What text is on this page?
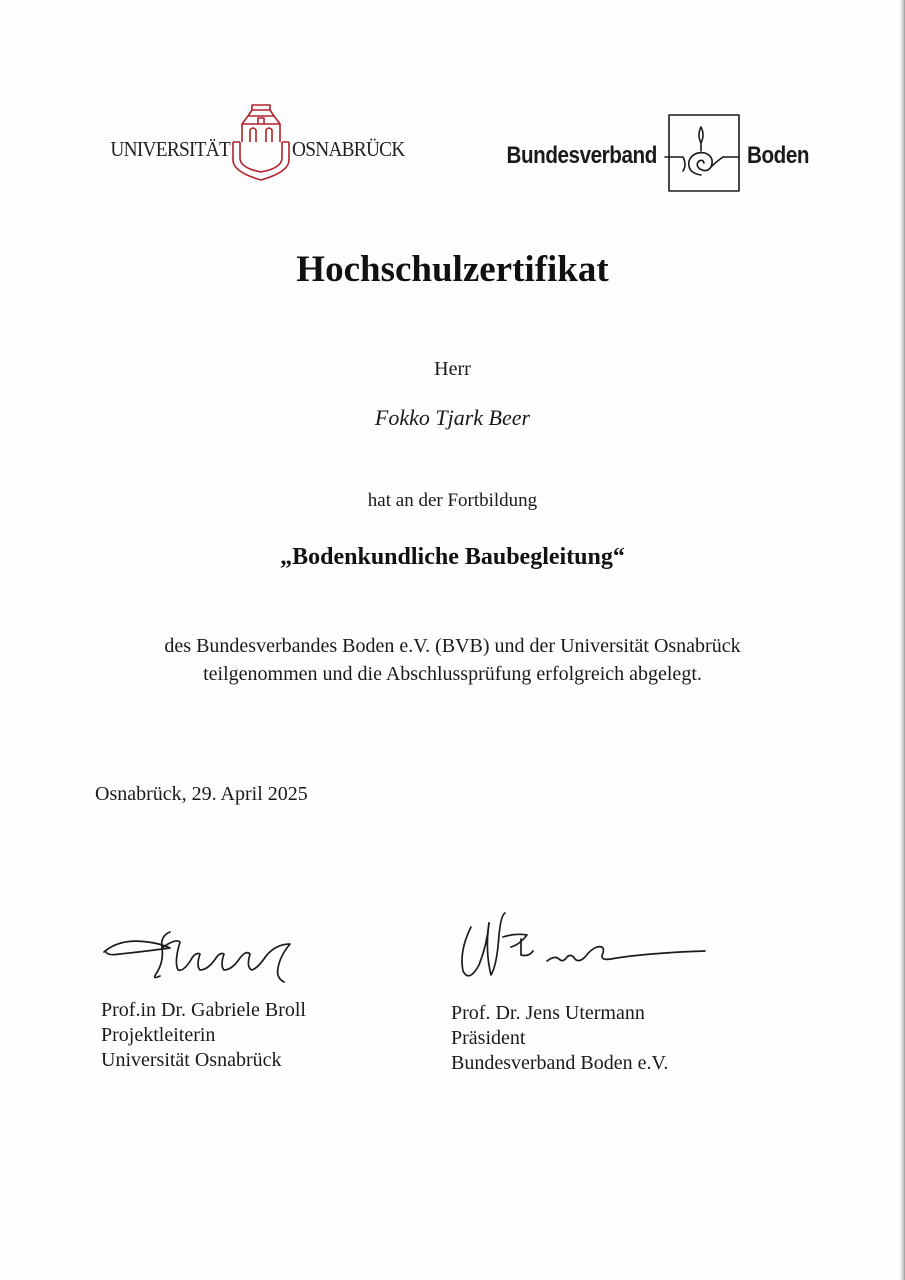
UNIVERSITÄT	OSNABRÜCK	Bundesverband	Boden
Hochschulzertifikat
Herr
Fokko Tjark Beer
hat an der Fortbildung
„Bodenkundliche Baubegleitung“
des Bundesverbandes Boden e.V. (BVB) und der Universität Osnabrück
teilgenommen und die Abschlussprüfung erfolgreich abgelegt.
Osnabrück, 29. April 2025
Prof.in Dr. Gabriele Broll
Projektleiterin
Universität Osnabrück
Prof. Dr. Jens Utermann
Präsident
Bundesverband Boden e.V.
